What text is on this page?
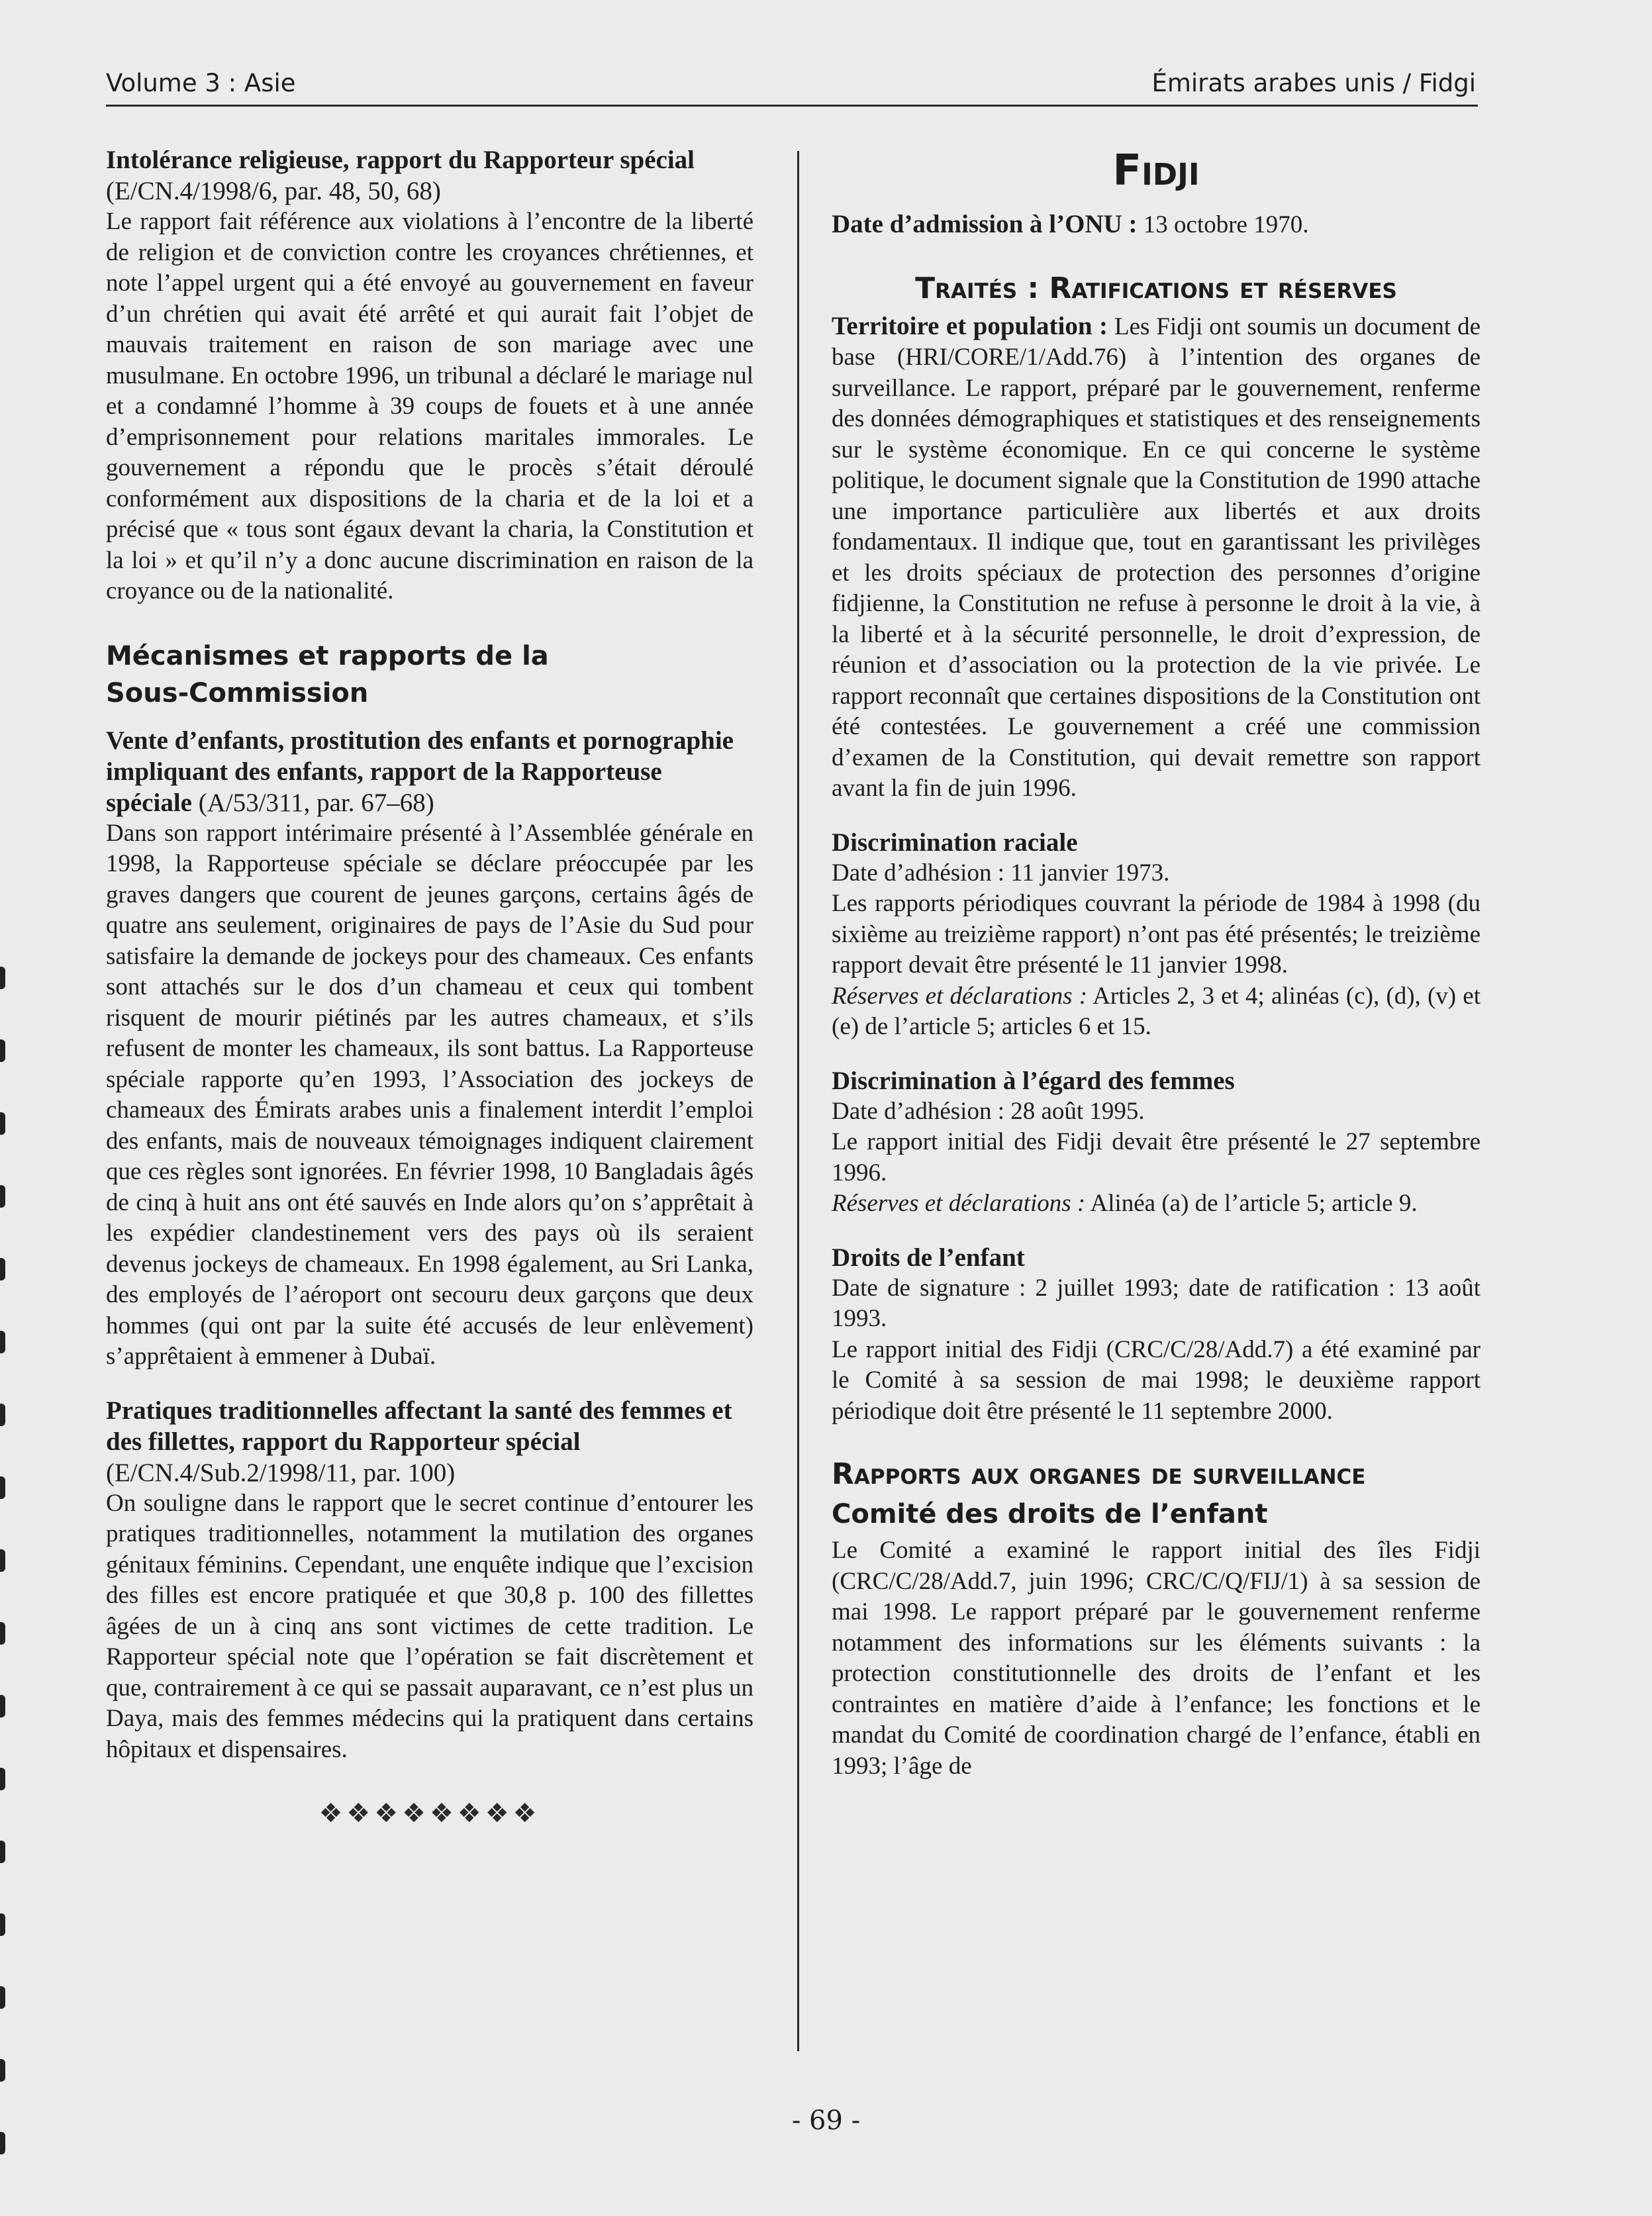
Volume 3 : Asie	Émirats arabes unis / Fidgi

Intolérance religieuse, rapport du Rapporteur spécial (E/CN.4/1998/6, par. 48, 50, 68)

Le rapport fait référence aux violations à l’encontre de la liberté de religion et de conviction contre les croyances chrétiennes, et note l’appel urgent qui a été envoyé au gouvernement en faveur d’un chrétien qui avait été arrêté et qui aurait fait l’objet de mauvais traitement en raison de son mariage avec une musulmane. En octobre 1996, un tribunal a déclaré le mariage nul et a condamné l’homme à 39 coups de fouets et à une année d’emprisonnement pour relations maritales immorales. Le gouvernement a répondu que le procès s’était déroulé conformément aux dispositions de la charia et de la loi et a précisé que « tous sont égaux devant la charia, la Constitution et la loi » et qu’il n’y a donc aucune discrimination en raison de la croyance ou de la nationalité.

Mécanismes et rapports de la
Sous-Commission

Vente d’enfants, prostitution des enfants et pornographie impliquant des enfants, rapport de la Rapporteuse spéciale (A/53/311, par. 67–68)

Dans son rapport intérimaire présenté à l’Assemblée générale en 1998, la Rapporteuse spéciale se déclare préoccupée par les graves dangers que courent de jeunes garçons, certains âgés de quatre ans seulement, originaires de pays de l’Asie du Sud pour satisfaire la demande de jockeys pour des chameaux. Ces enfants sont attachés sur le dos d’un chameau et ceux qui tombent risquent de mourir piétinés par les autres chameaux, et s’ils refusent de monter les chameaux, ils sont battus. La Rapporteuse spéciale rapporte qu’en 1993, l’Association des jockeys de chameaux des Émirats arabes unis a finalement interdit l’emploi des enfants, mais de nouveaux témoignages indiquent clairement que ces règles sont ignorées. En février 1998, 10 Bangladais âgés de cinq à huit ans ont été sauvés en Inde alors qu’on s’apprêtait à les expédier clandestinement vers des pays où ils seraient devenus jockeys de chameaux. En 1998 également, au Sri Lanka, des employés de l’aéroport ont secouru deux garçons que deux hommes (qui ont par la suite été accusés de leur enlèvement) s’apprêtaient à emmener à Dubaï.

Pratiques traditionnelles affectant la santé des femmes et des fillettes, rapport du Rapporteur spécial (E/CN.4/Sub.2/1998/11, par. 100)

On souligne dans le rapport que le secret continue d’entourer les pratiques traditionnelles, notamment la mutilation des organes génitaux féminins. Cependant, une enquête indique que l’excision des filles est encore pratiquée et que 30,8 p. 100 des fillettes âgées de un à cinq ans sont victimes de cette tradition. Le Rapporteur spécial note que l’opération se fait discrètement et que, contrairement à ce qui se passait auparavant, ce n’est plus un Daya, mais des femmes médecins qui la pratiquent dans certains hôpitaux et dispensaires.

❖❖❖❖❖❖❖❖

Fidji

Date d’admission à l’ONU : 13 octobre 1970.

Traités : Ratifications et réserves

Territoire et population : Les Fidji ont soumis un document de base (HRI/CORE/1/Add.76) à l’intention des organes de surveillance. Le rapport, préparé par le gouvernement, renferme des données démographiques et statistiques et des renseignements sur le système économique. En ce qui concerne le système politique, le document signale que la Constitution de 1990 attache une importance particulière aux libertés et aux droits fondamentaux. Il indique que, tout en garantissant les privilèges et les droits spéciaux de protection des personnes d’origine fidjienne, la Constitution ne refuse à personne le droit à la vie, à la liberté et à la sécurité personnelle, le droit d’expression, de réunion et d’association ou la protection de la vie privée. Le rapport reconnaît que certaines dispositions de la Constitution ont été contestées. Le gouvernement a créé une commission d’examen de la Constitution, qui devait remettre son rapport avant la fin de juin 1996.

Discrimination raciale

Date d’adhésion : 11 janvier 1973.

Les rapports périodiques couvrant la période de 1984 à 1998 (du sixième au treizième rapport) n’ont pas été présentés; le treizième rapport devait être présenté le 11 janvier 1998.

Réserves et déclarations : Articles 2, 3 et 4; alinéas (c), (d), (v) et (e) de l’article 5; articles 6 et 15.

Discrimination à l’égard des femmes

Date d’adhésion : 28 août 1995.

Le rapport initial des Fidji devait être présenté le 27 septembre 1996.

Réserves et déclarations : Alinéa (a) de l’article 5; article 9.

Droits de l’enfant

Date de signature : 2 juillet 1993; date de ratification : 13 août 1993.

Le rapport initial des Fidji (CRC/C/28/Add.7) a été examiné par le Comité à sa session de mai 1998; le deuxième rapport périodique doit être présenté le 11 septembre 2000.

Rapports aux organes de surveillance

Comité des droits de l’enfant

Le Comité a examiné le rapport initial des îles Fidji (CRC/C/28/Add.7, juin 1996; CRC/C/Q/FIJ/1) à sa session de mai 1998. Le rapport préparé par le gouvernement renferme notamment des informations sur les éléments suivants : la protection constitutionnelle des droits de l’enfant et les contraintes en matière d’aide à l’enfance; les fonctions et le mandat du Comité de coordination chargé de l’enfance, établi en 1993; l’âge de

- 69 -
